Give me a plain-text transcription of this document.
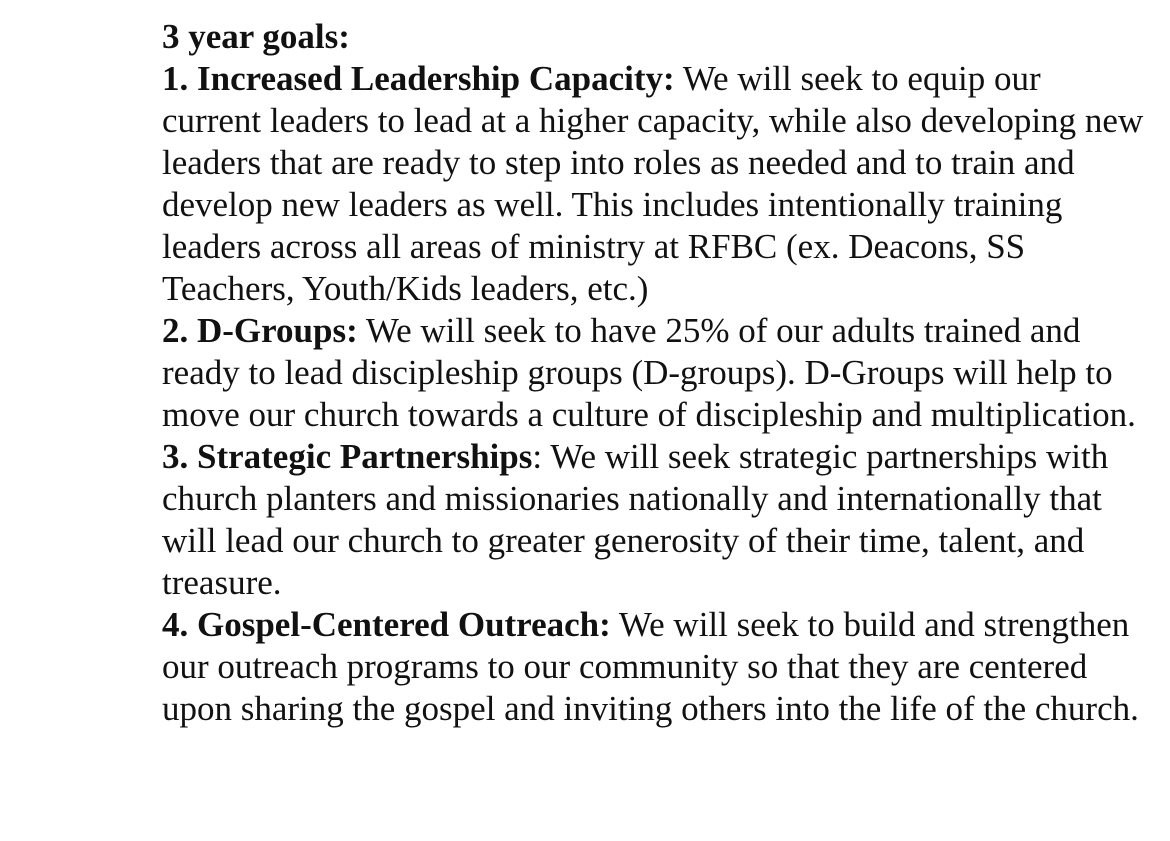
3 year goals:
1. Increased Leadership Capacity: We will seek to equip our current leaders to lead at a higher capacity, while also developing new leaders that are ready to step into roles as needed and to train and develop new leaders as well. This includes intentionally training leaders across all areas of ministry at RFBC (ex. Deacons, SS Teachers, Youth/Kids leaders, etc.)
2. D-Groups: We will seek to have 25% of our adults trained and ready to lead discipleship groups (D-groups). D-Groups will help to move our church towards a culture of discipleship and multiplication.
3. Strategic Partnerships: We will seek strategic partnerships with church planters and missionaries nationally and internationally that will lead our church to greater generosity of their time, talent, and treasure.
4. Gospel-Centered Outreach: We will seek to build and strengthen our outreach programs to our community so that they are centered upon sharing the gospel and inviting others into the life of the church.
